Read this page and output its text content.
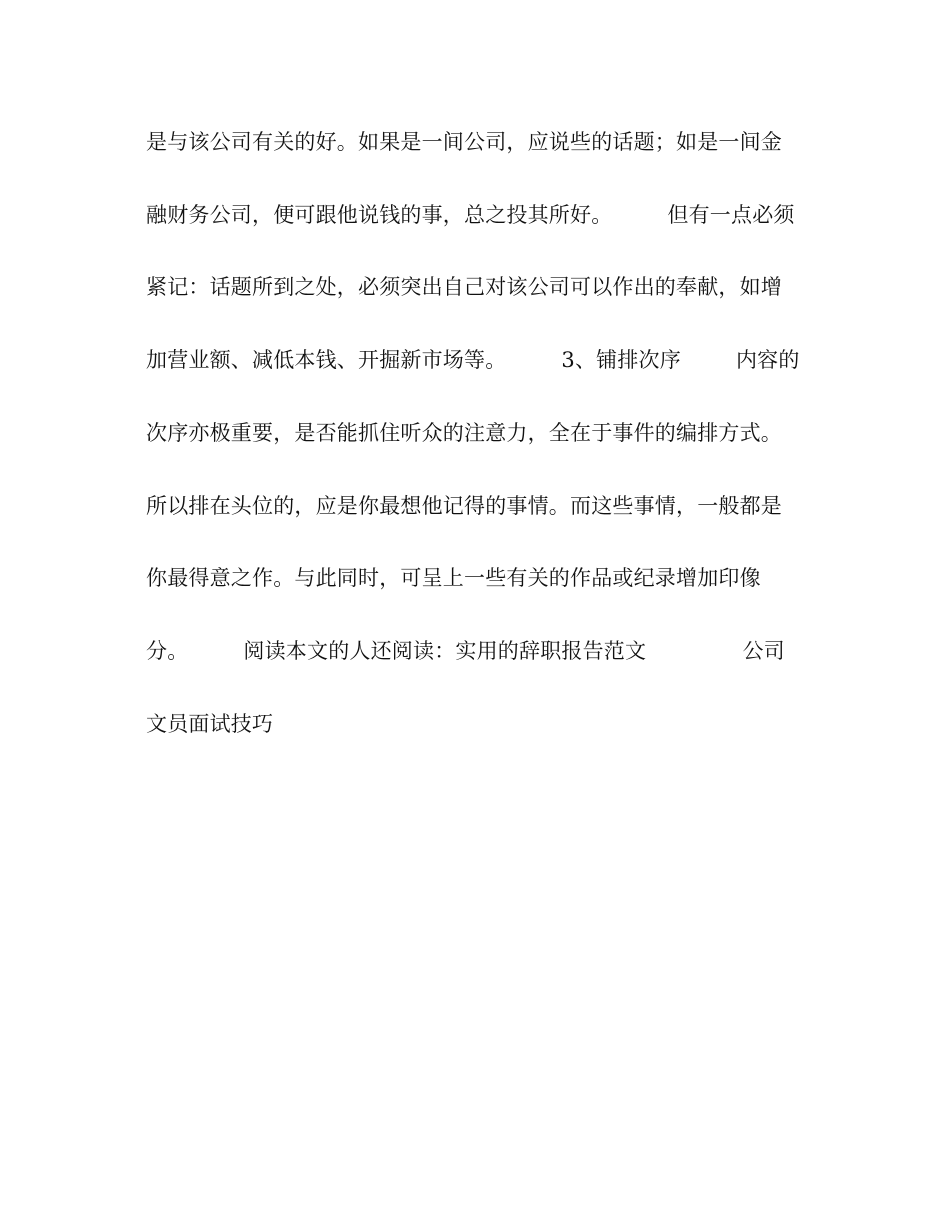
是与该公司有关的好。如果是一间公司，应说些的话题；如是一间金
融财务公司，便可跟他说钱的事，总之投其所好。        但有一点必须
紧记：话题所到之处，必须突出自己对该公司可以作出的奉献，如增
加营业额、减低本钱、开掘新市场等。        3、铺排次序        内容的
次序亦极重要，是否能抓住听众的注意力，全在于事件的编排方式。
所以排在头位的，应是你最想他记得的事情。而这些事情，一般都是
你最得意之作。与此同时，可呈上一些有关的作品或纪录增加印像
分。        阅读本文的人还阅读：实用的辞职报告范文              公司
文员面试技巧
